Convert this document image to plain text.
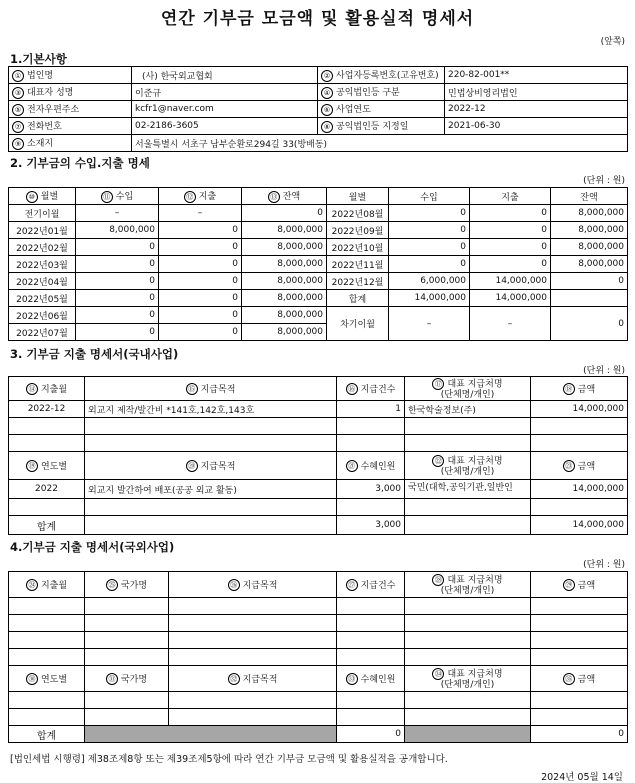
연간 기부금 모금액 및 활용실적 명세서
(앞쪽)
1.기본사항
① 법인명	(사) 한국외교협회	② 사업자등록번호(고유번호)	220-82-001**
③ 대표자 성명	이준규	④ 공익법인등 구분	민법상비영리법인
⑤ 전자우편주소	kcfr1@naver.com	⑥ 사업연도	2022-12
⑦ 전화번호	02-2186-3605	⑧ 공익법인등 지정일	2021-06-30
⑨ 소재지	서울특별시 서초구 남부순환로294길 33(방배동)		
2. 기부금의 수입.지출 명세
(단위 : 원)
⑩ 월별	⑪ 수입	⑫ 지출	⑬ 잔액	월별	수입	지출	잔액
전기이월	–	–	0	2022년08월	0	0	8,000,000
2022년01월	8,000,000	0	8,000,000	2022년09월	0	0	8,000,000
2022년02월	0	0	8,000,000	2022년10월	0	0	8,000,000
2022년03월	0	0	8,000,000	2022년11월	0	0	8,000,000
2022년04월	0	0	8,000,000	2022년12월	6,000,000	14,000,000	0
2022년05월	0	0	8,000,000	합계	14,000,000	14,000,000	
2022년06월	0	0	8,000,000	차기이월	–	–	0
2022년07월	0	0	8,000,000				
3. 기부금 지출 명세서(국내사업)
(단위 : 원)
⑭ 지출월	⑮ 지급목적	⑯ 지급건수	⑰ 대표 지급처명
(단체명/개인)	⑱ 금액
2022-12	외교지 제작/발간비 *141호,142호,143호	1	한국학술정보(주)	14,000,000

⑲ 연도별	⑳ 지급목적	㉑ 수혜인원	㉒ 대표 지급처명
(단체명/개인)	㉓ 금액
2022	외교지 발간하여 배포(공공 외교 활동)	3,000	국민(대학,공익기관,일반인	14,000,000

합계		3,000		14,000,000
4.기부금 지출 명세서(국외사업)
(단위 : 원)
㉔ 지출월	㉕ 국가명	㉖ 지급목적	㉗ 지급건수	㉘ 대표 지급처명
(단체명/개인)	㉙ 금액

㉚ 연도별	㉛ 국가명	㉜ 지급목적	㉝ 수혜인원	㉞ 대표 지급처명
(단체명/개인)	㉟ 금액

합계			0		0
[법인세법 시행령] 제38조제8항 또는 제39조제5항에 따라 연간 기부금 모금액 및 활용실적을 공개합니다.
2024년 05월 14일
